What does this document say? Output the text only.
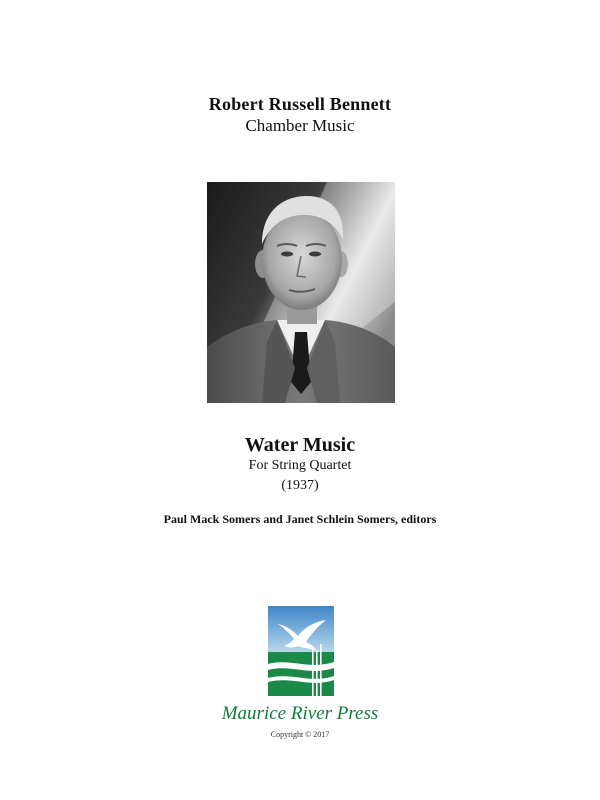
Robert Russell Bennett
Chamber Music
Water Music
For String Quartet
(1937)
Paul Mack Somers and Janet Schlein Somers, editors
Maurice River Press
Copyright © 2017
